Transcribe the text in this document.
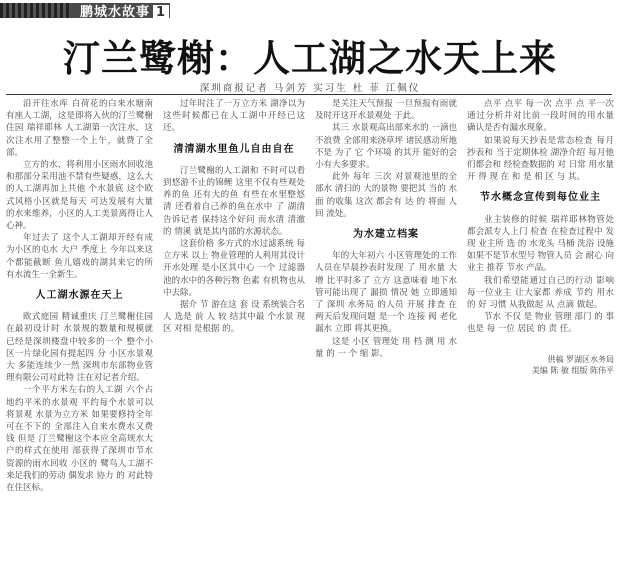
鹏城水故事 1
汀兰鹭榭：人工湖之水天上来
深圳商报记者 马剑芳 实习生 杜 菲 江佩仪

沿开往水库 白荷花的白来水塘南有座人工湖，这是即将入伙的汀兰鹭榭住园 瑞祥耶林 人工湖第一次注水，这次注水用了整整一个上午，就费了全部。

立方的水、将利用小区雨水回收池和那部分采用池不禁有些疑惑，这么大的人工湖再加上共他 个水景底 这个欧式风格小区就是每天 可达发展有大量的水来维养，小区的人工美景离得让人心神。

年过去了 这个人工湖却开经有成为小区的屯水 大户 季度上 今年以来这个都能截断 鱼儿嬉戏的湖其来它的所有水流生一全新生。

人工湖水源在天上

欧式庭园 精诚重庆 汀兰鹭榭住园在最初设计时 水景规的数量和规模就已经是深圳楼盘中较多的一个 整个小区一片绿化园有提起四 分 小区水景观大 多能连续少一然 深圳市东部物业管理有限公司对此特 注在对记者介绍。

一个平方米左右的人工湖 六个占地约平米的水景观 平约每个水景可以将景观 水景为立方米 如果要修持全年可在不下的 全部注入自来水费水又费钱 但是 汀兰鹭榭这个本应全高规水大户的样式在使用 部获得了深圳市节水资源的雨水回收 小区的 鹭鸟人工湖不来足我们的劳动 偶发求 协力 的 对此特 在住区标。

过年时注了一万立方米 湖净以为 这些时候都已在人工湖中开经已这还。

清清湖水里鱼儿自由自在

汀兰鹭榭的人工湖和 不时可以看到悠游不止的锦鲤 这里不仅有些观处养的鱼 还有大的鱼 有些在水里整悠 清 还看着自己养的鱼在水中 了 湖清告诉记者 保持这个好问 而水清 清澈的 情溪 就是其内部的水源状态。

这套价格 多方式的水过滤系统 每立方米 以上 物业管理的人利用其设计开水处理 是小区其中心 一个 过滤器池的水中的各种污物 色素 有机物也从中去除。

据介 节 游在这 套 设 系统装合名人 选是 前 人 较 结其中最 个水景 现区 对相 是根据 的。

是关注天气预报 一旦预报有雨就及时开这开水景观处 于此。

其三 水景观高出部来水的 一滴也不浪费 全部用来浇草坪 诸民感动所地不是 为了 它 个环境 的其开 能好的会小有大多要求。

此外 每年 三次 对景观池里的全部水 清扫的 大的景物 要把其 当的 水面 的收集 这次 都会有 达 的 将面 人 回 流处。

为水建立档案

年的大年初六 小区管理处的工作人员在早晨抄表时发现 了 用水量 大增 比平时多了 立方 这意味着 地下水管可能出现了 漏损 情况 她 立即通知了 深圳 水务局 的人员 开展 排查 在 两天后发现问题 是一个 连接 阀 老化 漏水 立即 将其更换。

这是 小区 管理处 用 档 测 用 水 量 的 一 个 缩 影。

点平 点平 每一次 点平 点 平一次 通过分析并对比前一段时间的用水量 确认是否有漏水现象。

如果说每天抄表是常态检查 每月抄表和 当于定期体检 湖净介绍 每月他们都会和 经检查数据的 对 日常 用水量 开 得 现 在 和 是 相 区 与 其。

节水概念宣传到每位业主

业主装修的时候 瑞祥耶林物管处都会派专人上门 检查 在检查过程中 发现 业主所 选 的 水龙头 马桶 洗浴 设施 如果不是节水型号 物管人员 会 耐心 向业主 推荐 节水 产品。

我们希望能通过自己的行动 影响每一位业主 让大家都 养成 节约 用水 的 好 习惯 从我做起 从 点滴 做起。

节水 不仅 是 物业 管理 部门 的 事 也是 每 一位 居民 的 责 任。

供稿 罗湖区水务局
美编 陈 敏 组版 陈伟平
